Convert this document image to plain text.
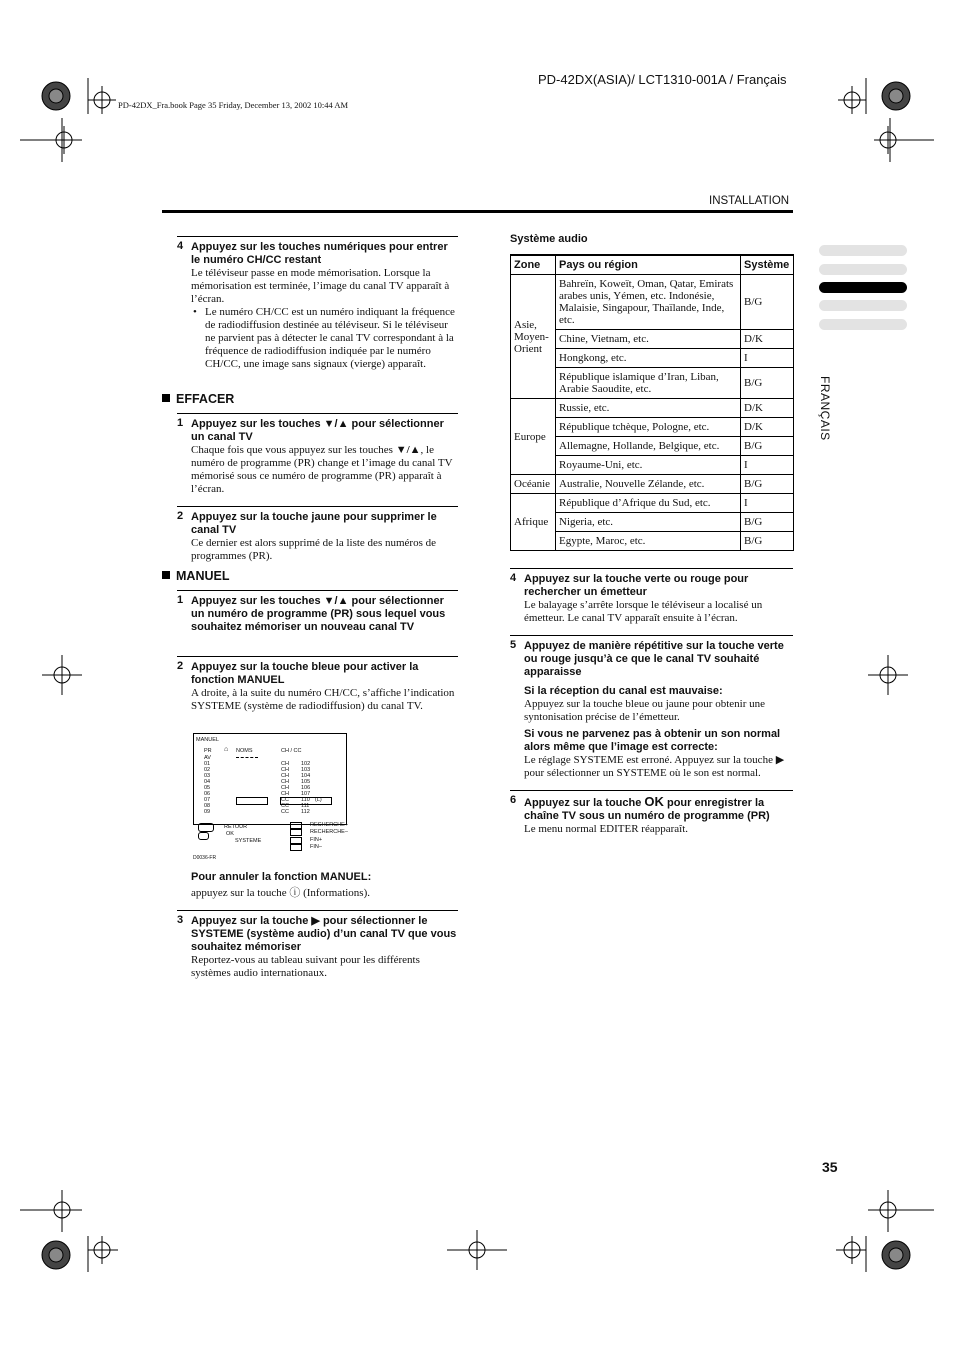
PD-42DX(ASIA)/ LCT1310-001A / Français
PD-42DX_Fra.book Page 35 Friday, December 13, 2002 10:44 AM
INSTALLATION
FRANÇAIS
4 Appuyez sur les touches numériques pour entrer le numéro CH/CC restant
Le téléviseur passe en mode mémorisation. Lorsque la mémorisation est terminée, l’image du canal TV apparaît à l’écran.
• Le numéro CH/CC est un numéro indiquant la fréquence de radiodiffusion destinée au téléviseur. Si le téléviseur ne parvient pas à détecter le canal TV correspondant à la fréquence de radiodiffusion indiquée par le numéro CH/CC, une image sans signaux (vierge) apparaît.
EFFACER
1 Appuyez sur les touches ▼/▲ pour sélectionner un canal TV
Chaque fois que vous appuyez sur les touches ▼/▲, le numéro de programme (PR) change et l’image du canal TV mémorisé sous ce numéro de programme (PR) apparaît à l’écran.
2 Appuyez sur la touche jaune pour supprimer le canal TV
Ce dernier est alors supprimé de la liste des numéros de programmes (PR).
MANUEL
1 Appuyez sur les touches ▼/▲ pour sélectionner un numéro de programme (PR) sous lequel vous souhaitez mémoriser un nouveau canal TV
2 Appuyez sur la touche bleue pour activer la fonction MANUEL
A droite, à la suite du numéro CH/CC, s’affiche l’indication SYSTEME (système de radiodiffusion) du canal TV.
MANUEL
PR ⌂ NOMS	CH / CC
AV
01
02
03
04
05
06
07
08
09
CH
CH
CH
CH
CH
CH
CC
CC
CC
102
103
104
105
106
107
110
111
112
(L)
RETOUR
OK
SYSTEME
RECHERCHE+
RECHERCHE–
FIN+
FIN–
D0036-FR
Pour annuler la fonction MANUEL:
appuyez sur la touche ⓘ (Informations).
3 Appuyez sur la touche ▶ pour sélectionner le SYSTEME (système audio) d’un canal TV que vous souhaitez mémoriser
Reportez-vous au tableau suivant pour les différents systèmes audio internationaux.
Système audio
Zone	Pays ou région	Système
Asie, Moyen-Orient	Bahreïn, Koweït, Oman, Qatar, Emirats arabes unis, Yémen, etc. Indonésie, Malaisie, Singapour, Thaïlande, Inde, etc.	B/G
	Chine, Vietnam, etc.	D/K
	Hongkong, etc.	I
	République islamique d’Iran, Liban, Arabie Saoudite, etc.	B/G
Europe	Russie, etc.	D/K
	République tchèque, Pologne, etc.	D/K
	Allemagne, Hollande, Belgique, etc.	B/G
	Royaume-Uni, etc.	I
Océanie	Australie, Nouvelle Zélande, etc.	B/G
Afrique	République d’Afrique du Sud, etc.	I
	Nigeria, etc.	B/G
	Egypte, Maroc, etc.	B/G
4 Appuyez sur la touche verte ou rouge pour rechercher un émetteur
Le balayage s’arrête lorsque le téléviseur a localisé un émetteur. Le canal TV apparaît ensuite à l’écran.
5 Appuyez de manière répétitive sur la touche verte ou rouge jusqu’à ce que le canal TV souhaité apparaisse
Si la réception du canal est mauvaise:
Appuyez sur la touche bleue ou jaune pour obtenir une syntonisation précise de l’émetteur.
Si vous ne parvenez pas à obtenir un son normal alors même que l’image est correcte:
Le réglage SYSTEME est erroné. Appuyez sur la touche ▶ pour sélectionner un SYSTEME où le son est normal.
6 Appuyez sur la touche OK pour enregistrer la chaîne TV sous un numéro de programme (PR)
Le menu normal EDITER réapparaît.
35
